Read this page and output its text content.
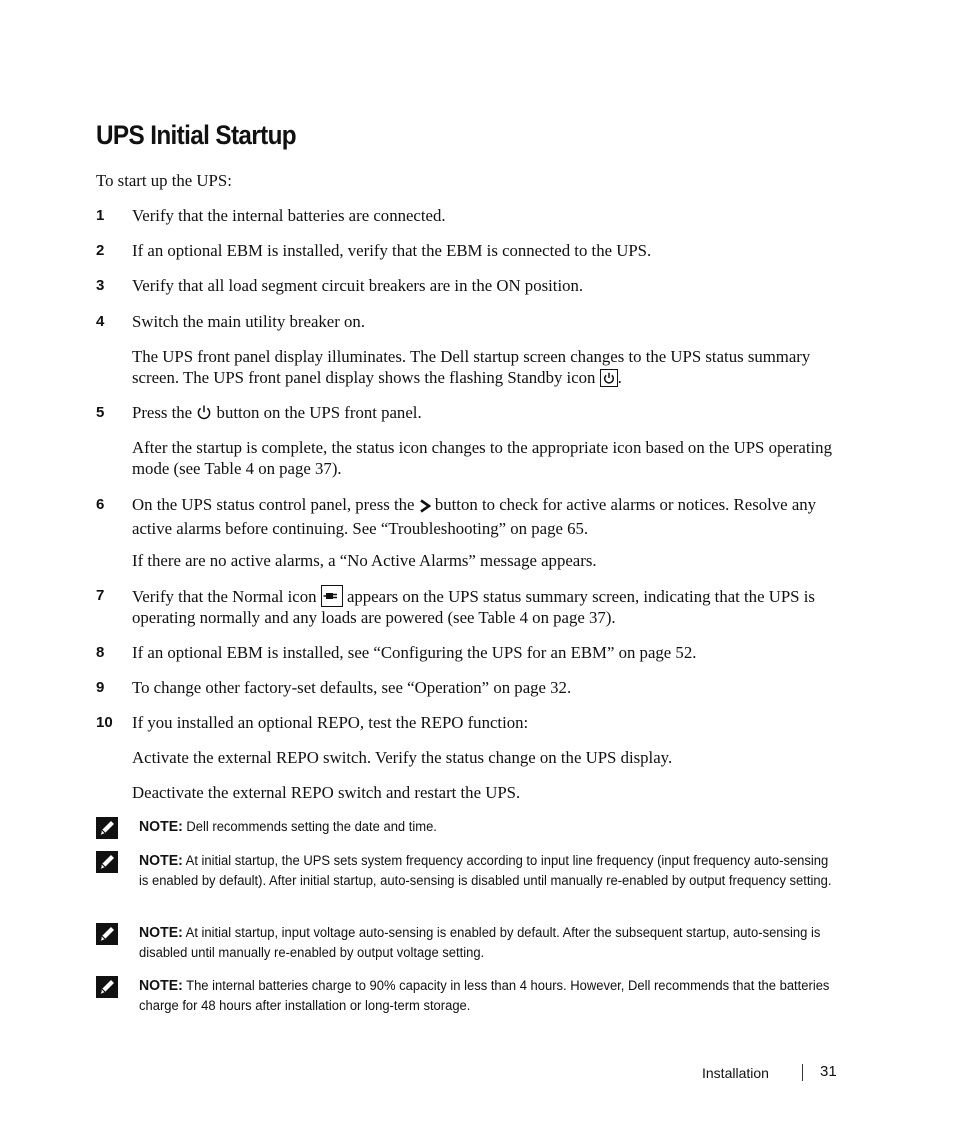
UPS Initial Startup
To start up the UPS:
1 Verify that the internal batteries are connected.
2 If an optional EBM is installed, verify that the EBM is connected to the UPS.
3 Verify that all load segment circuit breakers are in the ON position.
4 Switch the main utility breaker on.
The UPS front panel display illuminates. The Dell startup screen changes to the UPS status summary screen. The UPS front panel display shows the flashing Standby icon .
5 Press the button on the UPS front panel.
After the startup is complete, the status icon changes to the appropriate icon based on the UPS operating mode (see Table 4 on page 37).
6 On the UPS status control panel, press the button to check for active alarms or notices. Resolve any active alarms before continuing. See “Troubleshooting” on page 65.
If there are no active alarms, a “No Active Alarms” message appears.
7 Verify that the Normal icon appears on the UPS status summary screen, indicating that the UPS is operating normally and any loads are powered (see Table 4 on page 37).
8 If an optional EBM is installed, see “Configuring the UPS for an EBM” on page 52.
9 To change other factory-set defaults, see “Operation” on page 32.
10 If you installed an optional REPO, test the REPO function:
Activate the external REPO switch. Verify the status change on the UPS display.
Deactivate the external REPO switch and restart the UPS.
NOTE: Dell recommends setting the date and time.
NOTE: At initial startup, the UPS sets system frequency according to input line frequency (input frequency auto-sensing is enabled by default). After initial startup, auto-sensing is disabled until manually re-enabled by output frequency setting.
NOTE: At initial startup, input voltage auto-sensing is enabled by default. After the subsequent startup, auto-sensing is disabled until manually re-enabled by output voltage setting.
NOTE: The internal batteries charge to 90% capacity in less than 4 hours. However, Dell recommends that the batteries charge for 48 hours after installation or long-term storage.
Installation	31
